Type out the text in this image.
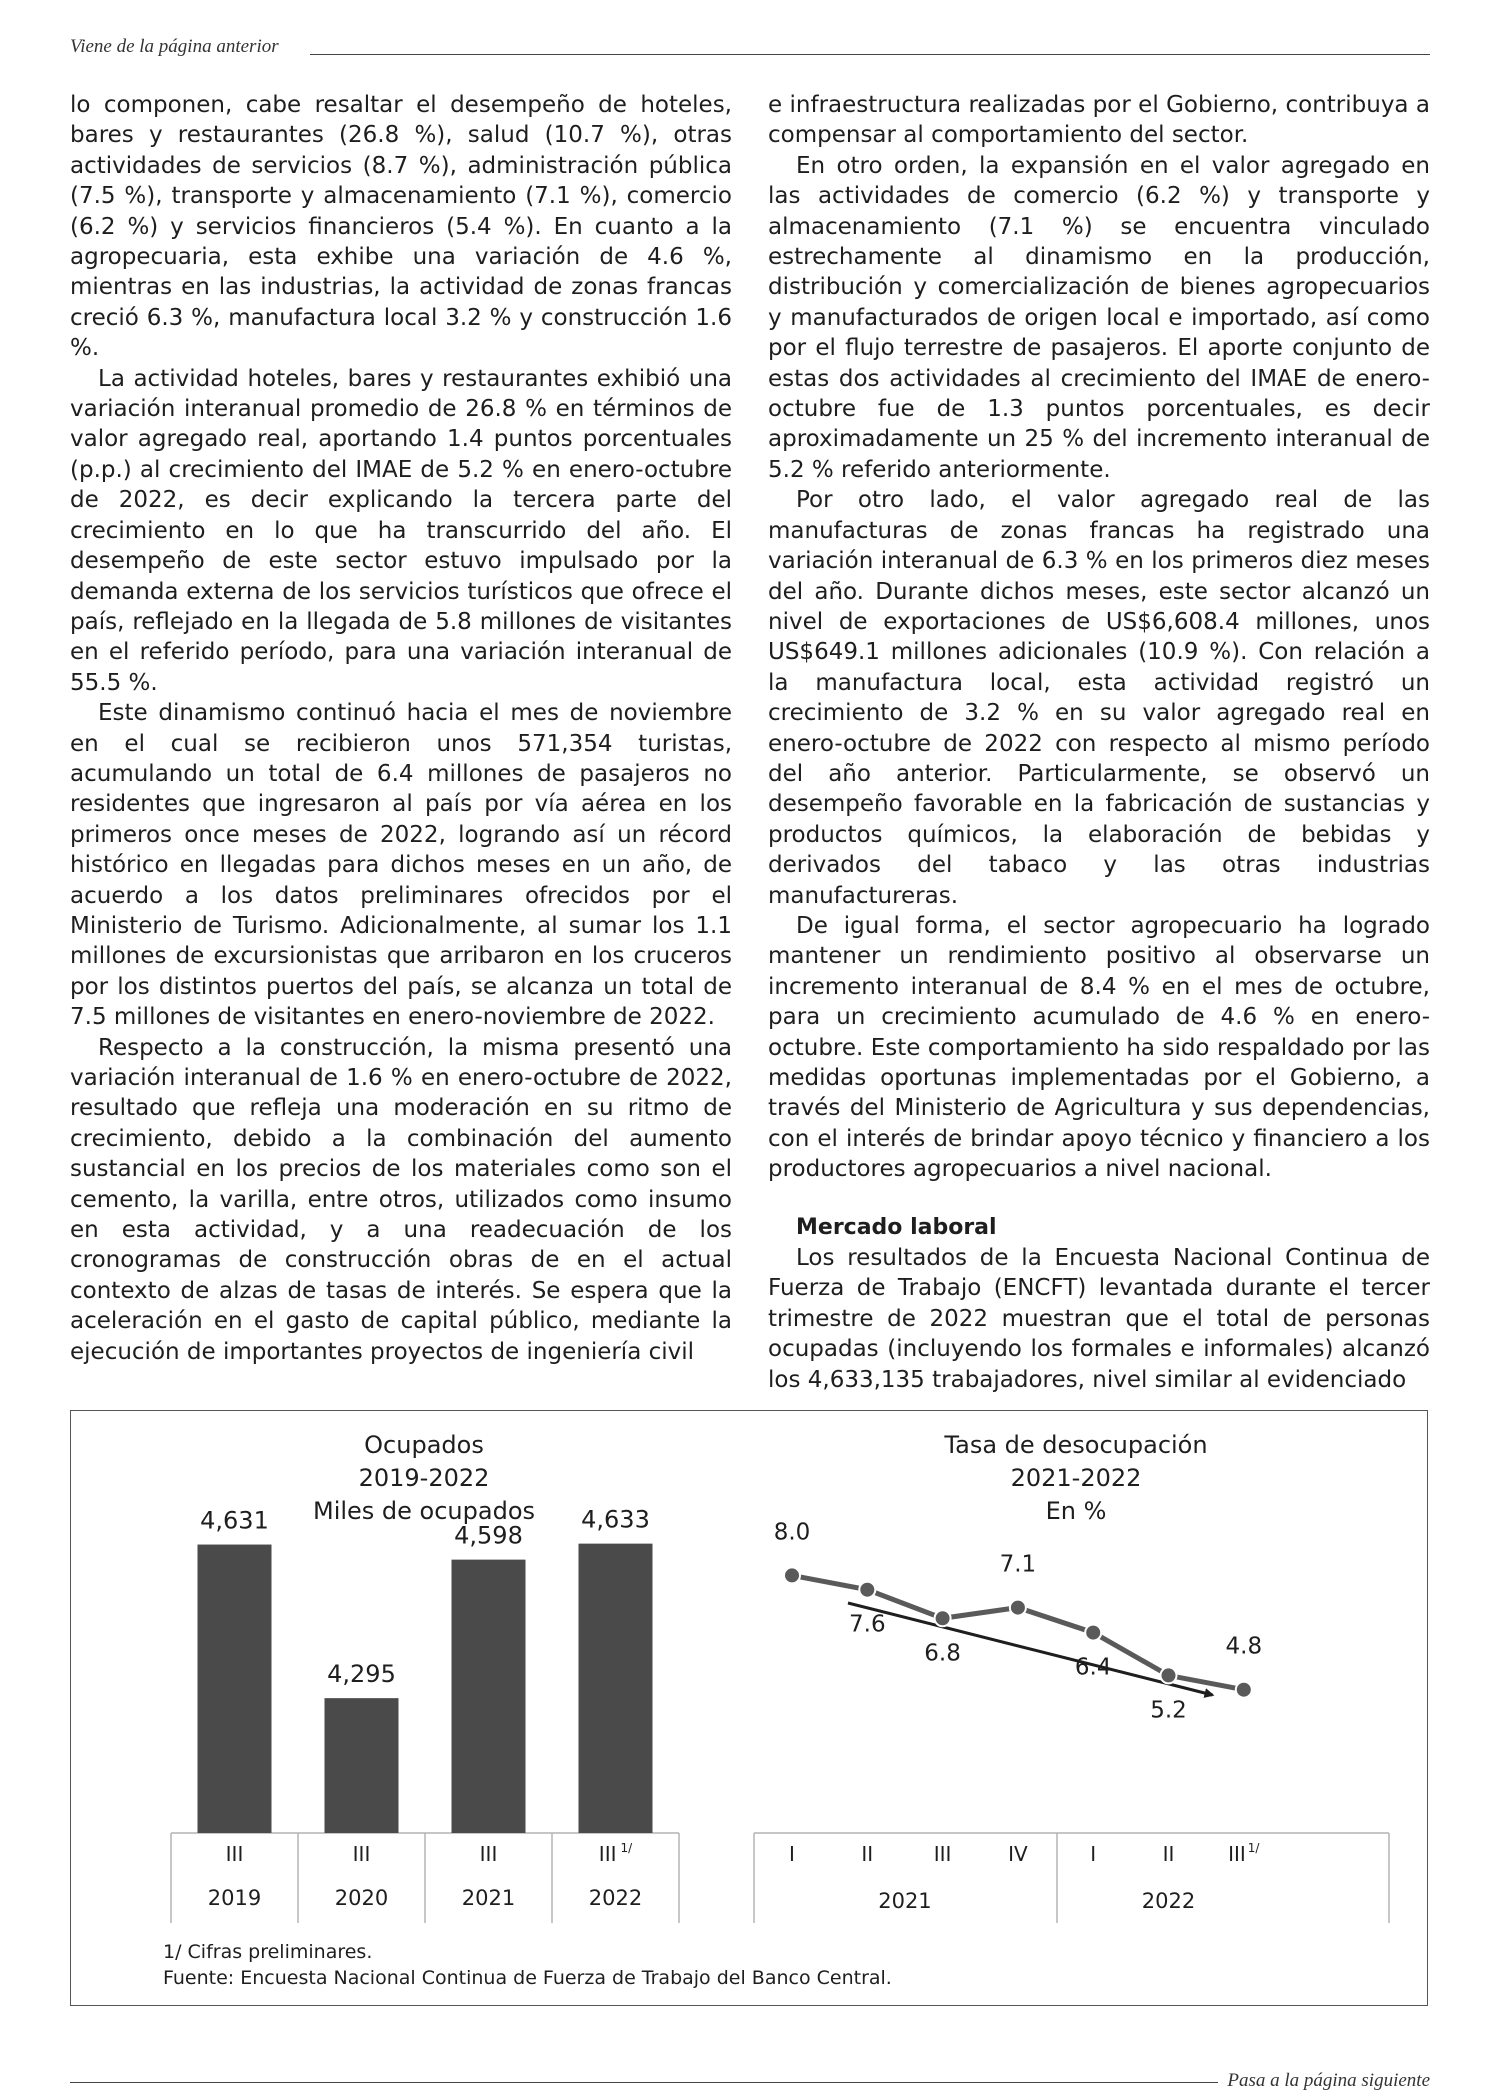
Viene de la página anterior

lo componen, cabe resaltar el desempeño de hoteles, bares y restaurantes (26.8 %), salud (10.7 %), otras actividades de servicios (8.7 %), administración pública (7.5 %), transporte y almacenamiento (7.1 %), comercio (6.2 %) y servicios financieros (5.4 %). En cuanto a la agropecuaria, esta exhibe una variación de 4.6 %, mientras en las industrias, la actividad de zonas francas creció 6.3 %, manufactura local 3.2 % y construcción 1.6 %.

La actividad hoteles, bares y restaurantes exhibió una variación interanual promedio de 26.8 % en términos de valor agregado real, aportando 1.4 puntos porcentuales (p.p.) al crecimiento del IMAE de 5.2 % en enero-octubre de 2022, es decir explicando la tercera parte del crecimiento en lo que ha transcurrido del año. El desempeño de este sector estuvo impulsado por la demanda externa de los servicios turísticos que ofrece el país, reflejado en la llegada de 5.8 millones de visitantes en el referido período, para una variación interanual de 55.5 %.

Este dinamismo continuó hacia el mes de noviembre en el cual se recibieron unos 571,354 turistas, acumulando un total de 6.4 millones de pasajeros no residentes que ingresaron al país por vía aérea en los primeros once meses de 2022, logrando así un récord histórico en llegadas para dichos meses en un año, de acuerdo a los datos preliminares ofrecidos por el Ministerio de Turismo. Adicionalmente, al sumar los 1.1 millones de excursionistas que arribaron en los cruceros por los distintos puertos del país, se alcanza un total de 7.5 millones de visitantes en enero-noviembre de 2022.

Respecto a la construcción, la misma presentó una variación interanual de 1.6 % en enero-octubre de 2022, resultado que refleja una moderación en su ritmo de crecimiento, debido a la combinación del aumento sustancial en los precios de los materiales como son el cemento, la varilla, entre otros, utilizados como insumo en esta actividad, y a una readecuación de los cronogramas de construcción obras de en el actual contexto de alzas de tasas de interés. Se espera que la aceleración en el gasto de capital público, mediante la ejecución de importantes proyectos de ingeniería civil

e infraestructura realizadas por el Gobierno, contribuya a compensar al comportamiento del sector.

En otro orden, la expansión en el valor agregado en las actividades de comercio (6.2 %) y transporte y almacenamiento (7.1 %) se encuentra vinculado estrechamente al dinamismo en la producción, distribución y comercialización de bienes agropecuarios y manufacturados de origen local e importado, así como por el flujo terrestre de pasajeros. El aporte conjunto de estas dos actividades al crecimiento del IMAE de enero-octubre fue de 1.3 puntos porcentuales, es decir aproximadamente un 25 % del incremento interanual de 5.2 % referido anteriormente.

Por otro lado, el valor agregado real de las manufacturas de zonas francas ha registrado una variación interanual de 6.3 % en los primeros diez meses del año. Durante dichos meses, este sector alcanzó un nivel de exportaciones de US$6,608.4 millones, unos US$649.1 millones adicionales (10.9 %). Con relación a la manufactura local, esta actividad registró un crecimiento de 3.2 % en su valor agregado real en enero-octubre de 2022 con respecto al mismo período del año anterior. Particularmente, se observó un desempeño favorable en la fabricación de sustancias y productos químicos, la elaboración de bebidas y derivados del tabaco y las otras industrias manufactureras.

De igual forma, el sector agropecuario ha logrado mantener un rendimiento positivo al observarse un incremento interanual de 8.4 % en el mes de octubre, para un crecimiento acumulado de 4.6 % en enero-octubre. Este comportamiento ha sido respaldado por las medidas oportunas implementadas por el Gobierno, a través del Ministerio de Agricultura y sus dependencias, con el interés de brindar apoyo técnico y financiero a los productores agropecuarios a nivel nacional.

Mercado laboral

Los resultados de la Encuesta Nacional Continua de Fuerza de Trabajo (ENCFT) levantada durante el tercer trimestre de 2022 muestran que el total de personas ocupadas (incluyendo los formales e informales) alcanzó los 4,633,135 trabajadores, nivel similar al evidenciado

Ocupados
2019-2022
Miles de ocupados
Tasa de desocupación
2021-2022
En %
4,631
III
2019
4,295
III
2020
4,598
III
2021
4,633
III $^{1/}$
2022
8.0
I
7.6
II
6.8
III
7.1
IV
6.4
I
5.2
II
4.8
III $^{1/}$
2021	2022
1/ Cifras preliminares.
Fuente: Encuesta Nacional Continua de Fuerza de Trabajo del Banco Central.
Pasa a la página siguiente
